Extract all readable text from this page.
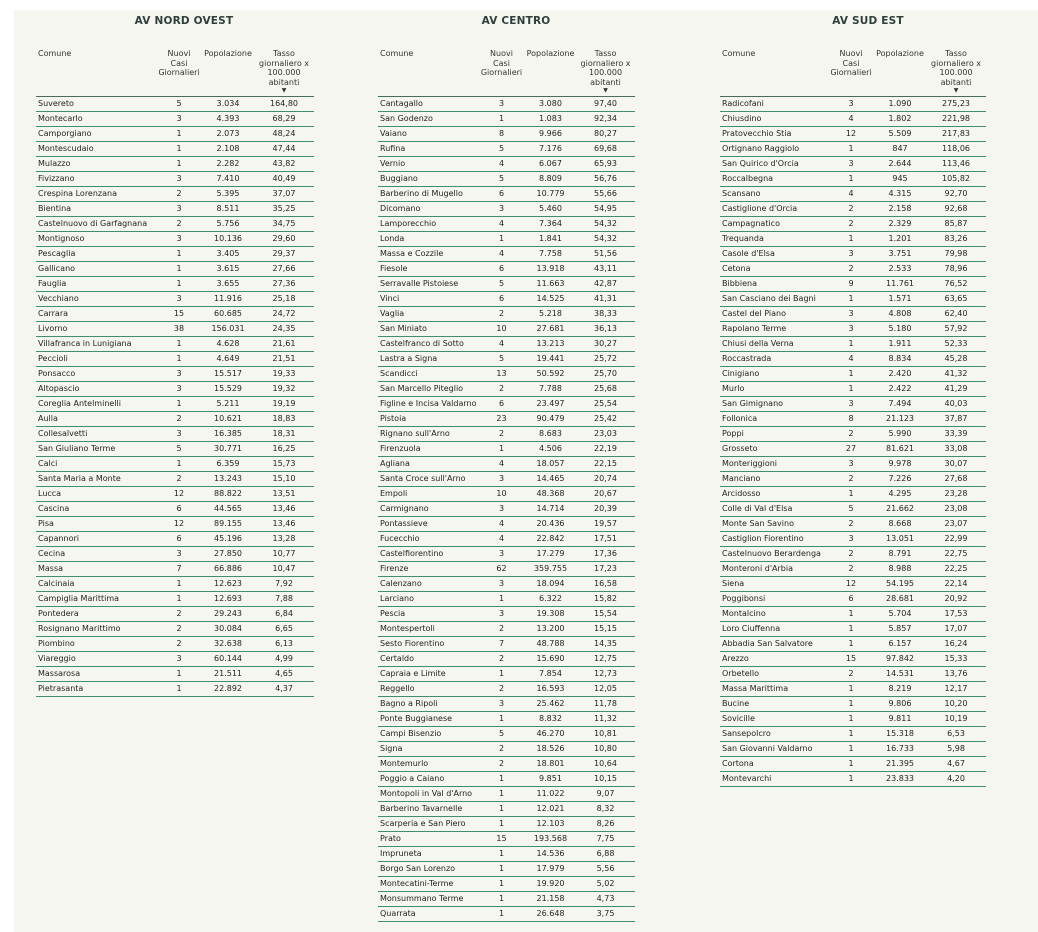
AV NORD OVEST
Comune	Nuovi Casi Giornalieri	Popolazione	Tasso giornaliero x 100.000 abitanti
▼

Suvereto	5	3.034	164,80
Montecarlo	3	4.393	68,29
Camporgiano	1	2.073	48,24
Montescudaio	1	2.108	47,44
Mulazzo	1	2.282	43,82
Fivizzano	3	7.410	40,49
Crespina Lorenzana	2	5.395	37,07
Bientina	3	8.511	35,25
Castelnuovo di Garfagnana	2	5.756	34,75
Montignoso	3	10.136	29,60
Pescaglia	1	3.405	29,37
Gallicano	1	3.615	27,66
Fauglia	1	3.655	27,36
Vecchiano	3	11.916	25,18
Carrara	15	60.685	24,72
Livorno	38	156.031	24,35
Villafranca in Lunigiana	1	4.628	21,61
Peccioli	1	4.649	21,51
Ponsacco	3	15.517	19,33
Altopascio	3	15.529	19,32
Coreglia Antelminelli	1	5.211	19,19
Aulla	2	10.621	18,83
Collesalvetti	3	16.385	18,31
San Giuliano Terme	5	30.771	16,25
Calci	1	6.359	15,73
Santa Maria a Monte	2	13.243	15,10
Lucca	12	88.822	13,51
Cascina	6	44.565	13,46
Pisa	12	89.155	13,46
Capannori	6	45.196	13,28
Cecina	3	27.850	10,77
Massa	7	66.886	10,47
Calcinaia	1	12.623	7,92
Campiglia Marittima	1	12.693	7,88
Pontedera	2	29.243	6,84
Rosignano Marittimo	2	30.084	6,65
Piombino	2	32.638	6,13
Viareggio	3	60.144	4,99
Massarosa	1	21.511	4,65
Pietrasanta	1	22.892	4,37
AV CENTRO
Comune	Nuovi Casi Giornalieri	Popolazione	Tasso giornaliero x 100.000 abitanti
▼

Cantagallo	3	3.080	97,40
San Godenzo	1	1.083	92,34
Vaiano	8	9.966	80,27
Rufina	5	7.176	69,68
Vernio	4	6.067	65,93
Buggiano	5	8.809	56,76
Barberino di Mugello	6	10.779	55,66
Dicomano	3	5.460	54,95
Lamporecchio	4	7.364	54,32
Londa	1	1.841	54,32
Massa e Cozzile	4	7.758	51,56
Fiesole	6	13.918	43,11
Serravalle Pistoiese	5	11.663	42,87
Vinci	6	14.525	41,31
Vaglia	2	5.218	38,33
San Miniato	10	27.681	36,13
Castelfranco di Sotto	4	13.213	30,27
Lastra a Signa	5	19.441	25,72
Scandicci	13	50.592	25,70
San Marcello Piteglio	2	7.788	25,68
Figline e Incisa Valdarno	6	23.497	25,54
Pistoia	23	90.479	25,42
Rignano sull'Arno	2	8.683	23,03
Firenzuola	1	4.506	22,19
Agliana	4	18.057	22,15
Santa Croce sull'Arno	3	14.465	20,74
Empoli	10	48.368	20,67
Carmignano	3	14.714	20,39
Pontassieve	4	20.436	19,57
Fucecchio	4	22.842	17,51
Castelfiorentino	3	17.279	17,36
Firenze	62	359.755	17,23
Calenzano	3	18.094	16,58
Larciano	1	6.322	15,82
Pescia	3	19.308	15,54
Montespertoli	2	13.200	15,15
Sesto Fiorentino	7	48.788	14,35
Certaldo	2	15.690	12,75
Capraia e Limite	1	7.854	12,73
Reggello	2	16.593	12,05
Bagno a Ripoli	3	25.462	11,78
Ponte Buggianese	1	8.832	11,32
Campi Bisenzio	5	46.270	10,81
Signa	2	18.526	10,80
Montemurlo	2	18.801	10,64
Poggio a Caiano	1	9.851	10,15
Montopoli in Val d'Arno	1	11.022	9,07
Barberino Tavarnelle	1	12.021	8,32
Scarperia e San Piero	1	12.103	8,26
Prato	15	193.568	7,75
Impruneta	1	14.536	6,88
Borgo San Lorenzo	1	17.979	5,56
Montecatini-Terme	1	19.920	5,02
Monsummano Terme	1	21.158	4,73
Quarrata	1	26.648	3,75
AV SUD EST
Comune	Nuovi Casi Giornalieri	Popolazione	Tasso giornaliero x 100.000 abitanti
▼

Radicofani	3	1.090	275,23
Chiusdino	4	1.802	221,98
Pratovecchio Stia	12	5.509	217,83
Ortignano Raggiolo	1	847	118,06
San Quirico d'Orcia	3	2.644	113,46
Roccalbegna	1	945	105,82
Scansano	4	4.315	92,70
Castiglione d'Orcia	2	2.158	92,68
Campagnatico	2	2.329	85,87
Trequanda	1	1.201	83,26
Casole d'Elsa	3	3.751	79,98
Cetona	2	2.533	78,96
Bibbiena	9	11.761	76,52
San Casciano dei Bagni	1	1.571	63,65
Castel del Piano	3	4.808	62,40
Rapolano Terme	3	5.180	57,92
Chiusi della Verna	1	1.911	52,33
Roccastrada	4	8.834	45,28
Cinigiano	1	2.420	41,32
Murlo	1	2.422	41,29
San Gimignano	3	7.494	40,03
Follonica	8	21.123	37,87
Poppi	2	5.990	33,39
Grosseto	27	81.621	33,08
Monteriggioni	3	9.978	30,07
Manciano	2	7.226	27,68
Arcidosso	1	4.295	23,28
Colle di Val d'Elsa	5	21.662	23,08
Monte San Savino	2	8.668	23,07
Castiglion Fiorentino	3	13.051	22,99
Castelnuovo Berardenga	2	8.791	22,75
Monteroni d'Arbia	2	8.988	22,25
Siena	12	54.195	22,14
Poggibonsi	6	28.681	20,92
Montalcino	1	5.704	17,53
Loro Ciuffenna	1	5.857	17,07
Abbadia San Salvatore	1	6.157	16,24
Arezzo	15	97.842	15,33
Orbetello	2	14.531	13,76
Massa Marittima	1	8.219	12,17
Bucine	1	9.806	10,20
Sovicille	1	9.811	10,19
Sansepolcro	1	15.318	6,53
San Giovanni Valdarno	1	16.733	5,98
Cortona	1	21.395	4,67
Montevarchi	1	23.833	4,20
